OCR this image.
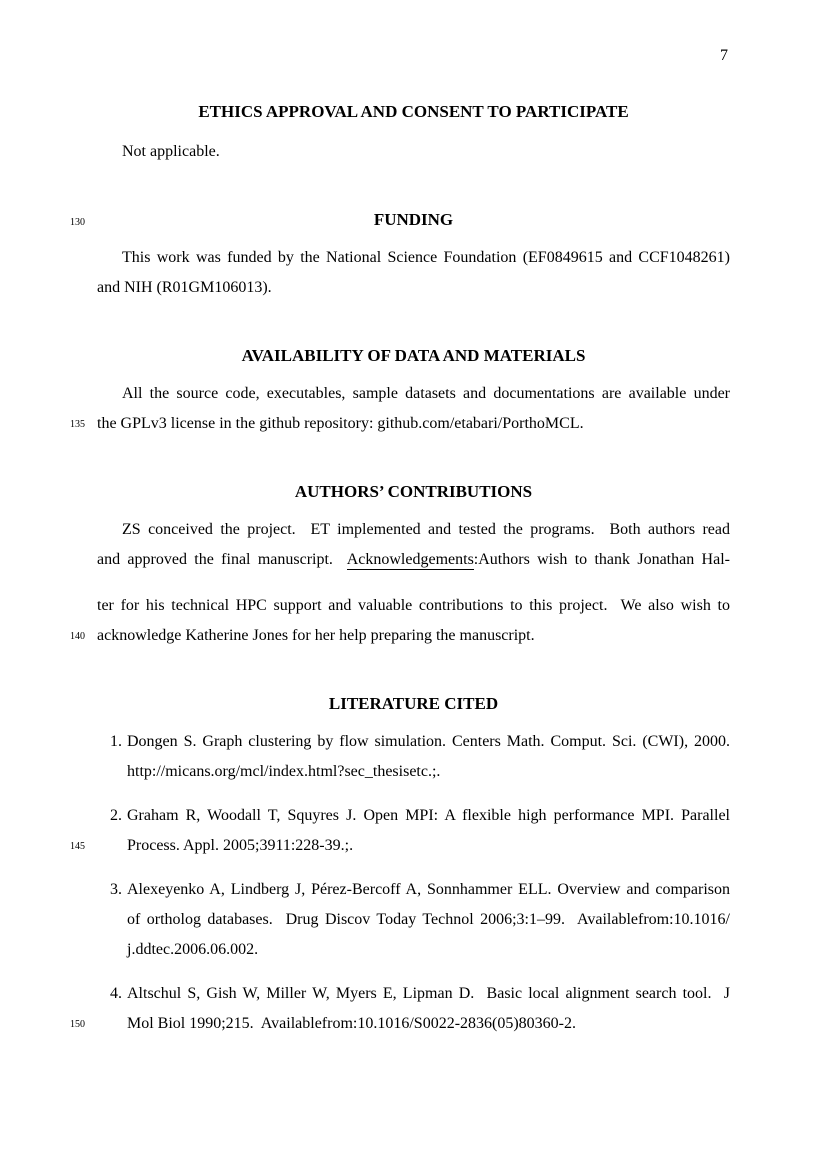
7
130
135
140
145
150
ETHICS APPROVAL AND CONSENT TO PARTICIPATE
Not applicable.
FUNDING
This work was funded by the National Science Foundation (EF0849615 and CCF1048261)
and NIH (R01GM106013).
AVAILABILITY OF DATA AND MATERIALS
All the source code, executables, sample datasets and documentations are available under
the GPLv3 license in the github repository: github.com/etabari/PorthoMCL.
AUTHORS’ CONTRIBUTIONS
ZS conceived the project.  ET implemented and tested the programs.  Both authors read
and approved the final manuscript.  Acknowledgements:Authors wish to thank Jonathan Hal-
ter for his technical HPC support and valuable contributions to this project.  We also wish to
acknowledge Katherine Jones for her help preparing the manuscript.
LITERATURE CITED
1. Dongen S. Graph clustering by flow simulation. Centers Math. Comput. Sci. (CWI), 2000.
http://micans.org/mcl/index.html?sec_thesisetc.;.
2. Graham R, Woodall T, Squyres J. Open MPI: A flexible high performance MPI. Parallel
Process. Appl. 2005;3911:228-39.;.
3. Alexeyenko A, Lindberg J, Pérez-Bercoff A, Sonnhammer ELL. Overview and comparison
of ortholog databases.  Drug Discov Today Technol 2006;3:1–99.  Availablefrom:10.1016/
j.ddtec.2006.06.002.
4. Altschul S, Gish W, Miller W, Myers E, Lipman D.  Basic local alignment search tool.  J
Mol Biol 1990;215.  Availablefrom:10.1016/S0022-2836(05)80360-2.
